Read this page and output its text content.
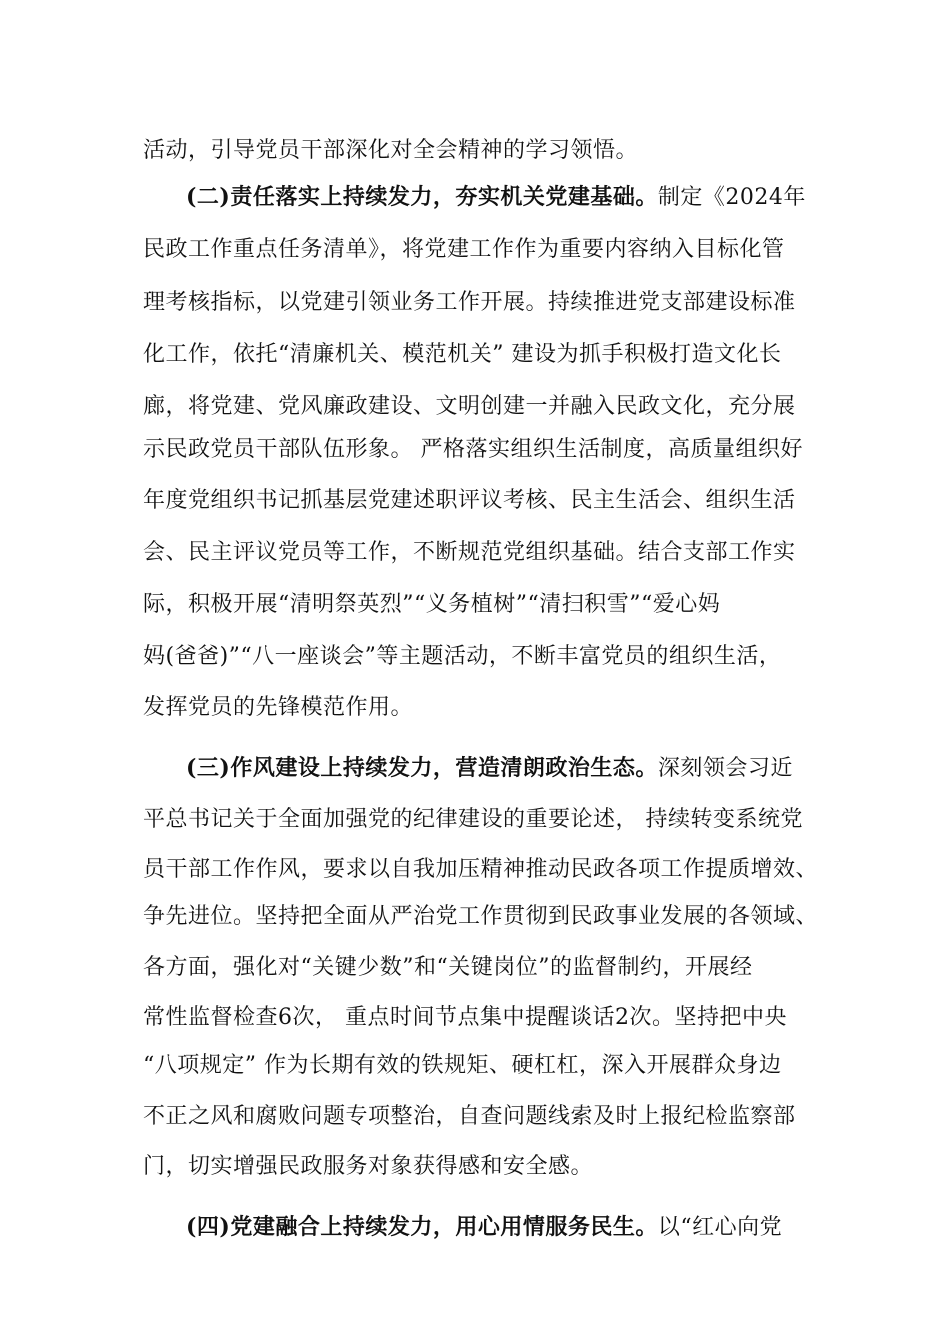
活动，引导党员干部深化对全会精神的学习领悟。
(二)责任落实上持续发力，夯实机关党建基础。制定《2024年
民政工作重点任务清单》，将党建工作作为重要内容纳入目标化管
理考核指标，以党建引领业务工作开展。持续推进党支部建设标准
化工作，依托“清廉机关、模范机关” 建设为抓手积极打造文化长
廊，将党建、党风廉政建设、文明创建一并融入民政文化，充分展
示民政党员干部队伍形象。 严格落实组织生活制度，高质量组织好
年度党组织书记抓基层党建述职评议考核、民主生活会、组织生活
会、民主评议党员等工作，不断规范党组织基础。结合支部工作实
际，积极开展“清明祭英烈”“义务植树”“清扫积雪”“爱心妈
妈(爸爸)”“八一座谈会”等主题活动，不断丰富党员的组织生活，
发挥党员的先锋模范作用。
(三)作风建设上持续发力，营造清朗政治生态。深刻领会习近
平总书记关于全面加强党的纪律建设的重要论述， 持续转变系统党
员干部工作作风，要求以自我加压精神推动民政各项工作提质增效、
争先进位。坚持把全面从严治党工作贯彻到民政事业发展的各领域、
各方面，强化对“关键少数”和“关键岗位”的监督制约，开展经
常性监督检查6次， 重点时间节点集中提醒谈话2次。坚持把中央
“八项规定” 作为长期有效的铁规矩、硬杠杠，深入开展群众身边
不正之风和腐败问题专项整治，自查问题线索及时上报纪检监察部
门，切实增强民政服务对象获得感和安全感。
(四)党建融合上持续发力，用心用情服务民生。以“红心向党
